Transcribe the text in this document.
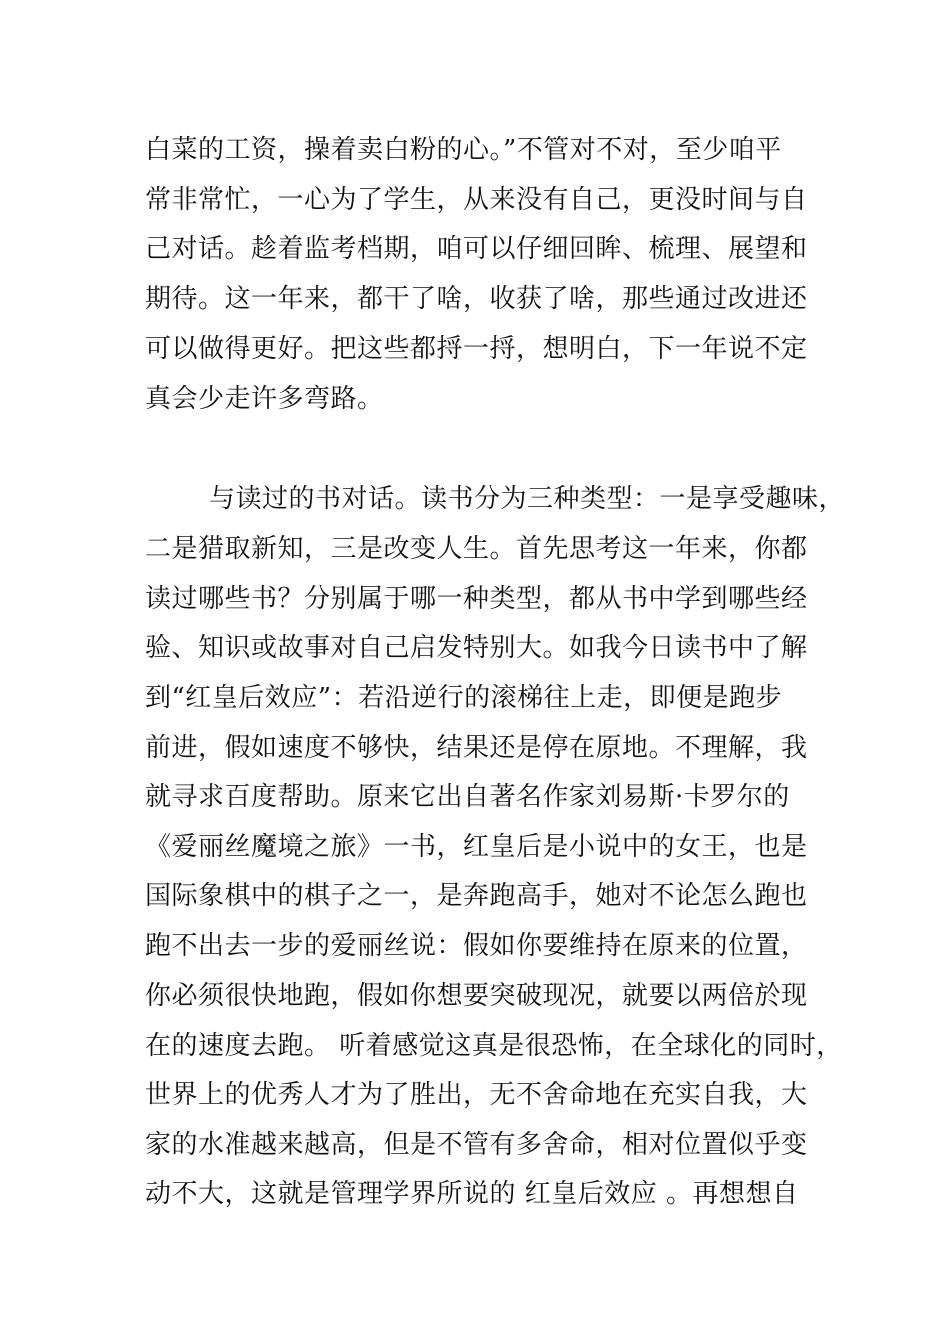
白菜的工资，操着卖白粉的心。”不管对不对，至少咱平
常非常忙，一心为了学生，从来没有自己，更没时间与自
己对话。趁着监考档期，咱可以仔细回眸、梳理、展望和
期待。这一年来，都干了啥，收获了啥，那些通过改进还
可以做得更好。把这些都捋一捋，想明白，下一年说不定
真会少走许多弯路。
与读过的书对话。读书分为三种类型：一是享受趣味，
二是猎取新知，三是改变人生。首先思考这一年来，你都
读过哪些书？分别属于哪一种类型，都从书中学到哪些经
验、知识或故事对自己启发特别大。如我今日读书中了解
到“红皇后效应”：若沿逆行的滚梯往上走，即便是跑步
前进，假如速度不够快，结果还是停在原地。不理解，我
就寻求百度帮助。原来它出自著名作家刘易斯·卡罗尔的
《爱丽丝魔境之旅》一书，红皇后是小说中的女王，也是
国际象棋中的棋子之一，是奔跑高手，她对不论怎么跑也
跑不出去一步的爱丽丝说：假如你要维持在原来的位置，
你必须很快地跑，假如你想要突破现况，就要以两倍於现
在的速度去跑。 听着感觉这真是很恐怖，在全球化的同时，
世界上的优秀人才为了胜出，无不舍命地在充实自我，大
家的水准越来越高，但是不管有多舍命，相对位置似乎变
动不大，这就是管理学界所说的 红皇后效应 。再想想自
